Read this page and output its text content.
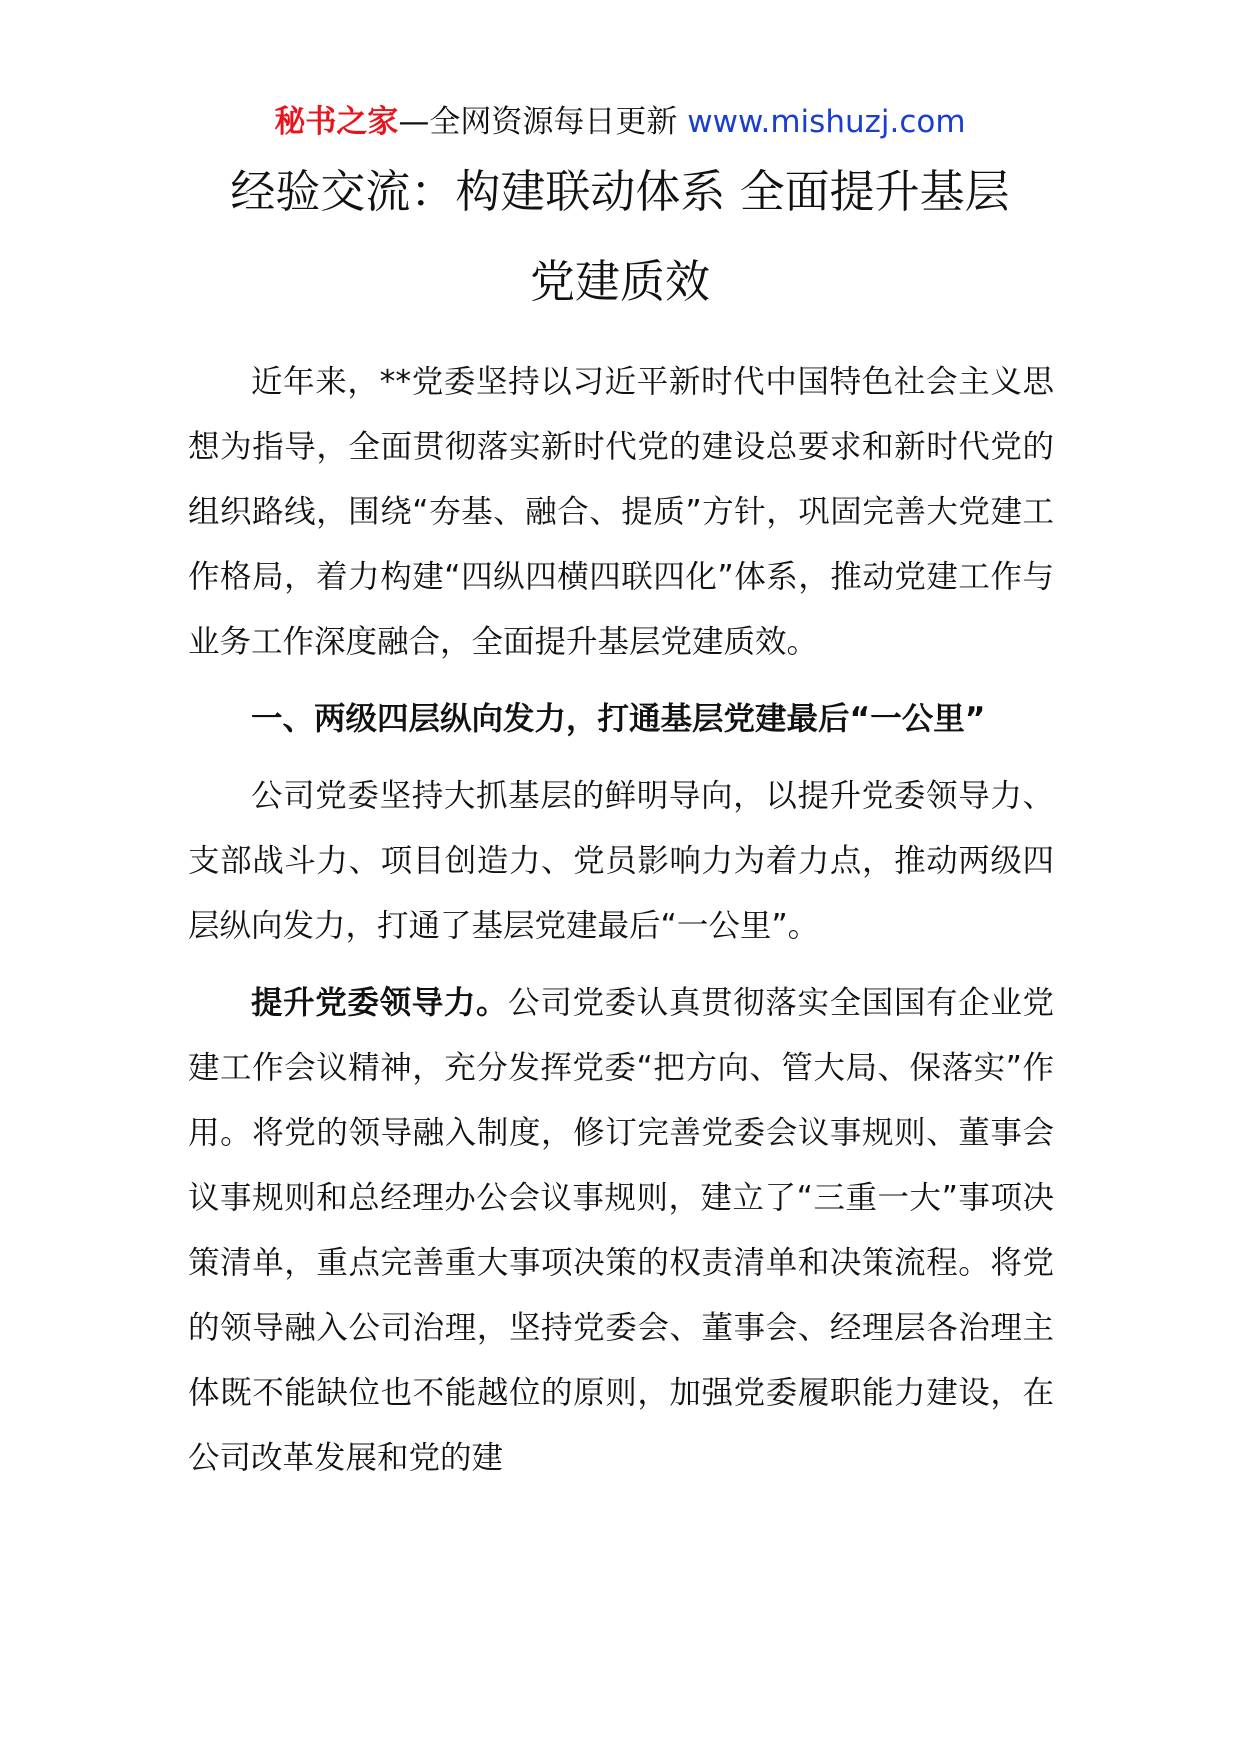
秘书之家—全网资源每日更新 www.mishuzj.com
经验交流：构建联动体系 全面提升基层
党建质效

近年来，**党委坚持以习近平新时代中国特色社会主义思想为指导，全面贯彻落实新时代党的建设总要求和新时代党的组织路线，围绕“夯基、融合、提质”方针，巩固完善大党建工作格局，着力构建“四纵四横四联四化”体系，推动党建工作与业务工作深度融合，全面提升基层党建质效。

一、两级四层纵向发力，打通基层党建最后“一公里”

公司党委坚持大抓基层的鲜明导向，以提升党委领导力、支部战斗力、项目创造力、党员影响力为着力点，推动两级四层纵向发力，打通了基层党建最后“一公里”。

提升党委领导力。公司党委认真贯彻落实全国国有企业党建工作会议精神，充分发挥党委“把方向、管大局、保落实”作用。将党的领导融入制度，修订完善党委会议事规则、董事会议事规则和总经理办公会议事规则，建立了“三重一大”事项决策清单，重点完善重大事项决策的权责清单和决策流程。将党的领导融入公司治理，坚持党委会、董事会、经理层各治理主体既不能缺位也不能越位的原则，加强党委履职能力建设，在公司改革发展和党的建
